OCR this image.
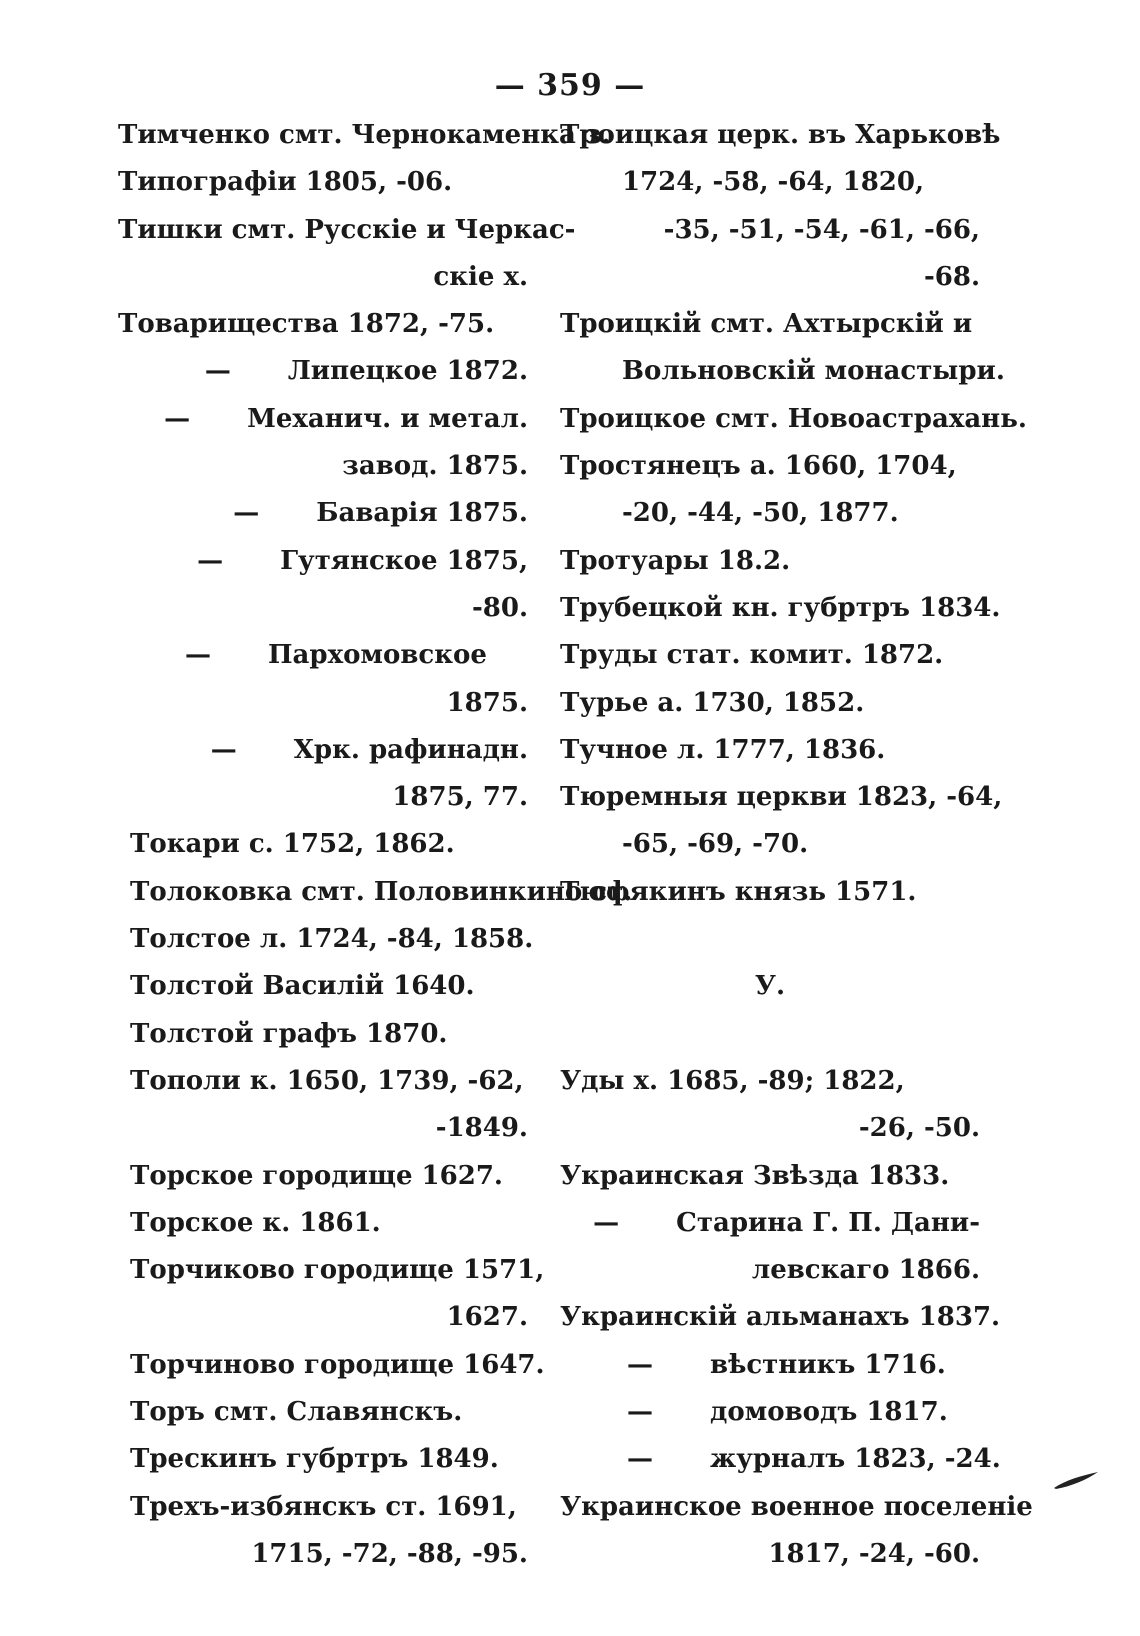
— 359 —
Тимченко смт. Чернокаменка з.
Типографіи 1805, -06.
Тишки смт. Русскіе и Черкас-
скіе х.
Товарищества 1872, -75.
— Липецкое 1872.
— Механич. и метал.
завод. 1875.
— Баварія 1875.
— Гутянское 1875,
-80.
— Пархомовское
1875.
— Хрк. рафинадн.
1875, 77.
Токари с. 1752, 1862.
Толоковка смт. Половинкино ст.
Толстое л. 1724, -84, 1858.
Толстой Василій 1640.
Толстой графъ 1870.
Тополи к. 1650, 1739, -62,
-1849.
Торское городище 1627.
Торское к. 1861.
Торчиково городище 1571,
1627.
Торчиново городище 1647.
Торъ смт. Славянскъ.
Трескинъ губртръ 1849.
Трехъ-избянскъ ст. 1691,
1715, -72, -88, -95.
Троицкая церк. въ Харьковѣ
1724, -58, -64, 1820,
-35, -51, -54, -61, -66,
-68.
Троицкій смт. Ахтырскій и
Вольновскій монастыри.
Троицкое смт. Новоастрахань.
Тростянецъ а. 1660, 1704,
-20, -44, -50, 1877.
Тротуары 18.2.
Трубецкой кн. губртръ 1834.
Труды стат. комит. 1872.
Турье а. 1730, 1852.
Тучное л. 1777, 1836.
Тюремныя церкви 1823, -64,
-65, -69, -70.
Тюфякинъ князь 1571.
У.
Уды х. 1685, -89; 1822,
-26, -50.
Украинская Звѣзда 1833.
— Старина Г. П. Дани-
левскаго 1866.
Украинскій альманахъ 1837.
— вѣстникъ 1716.
— домоводъ 1817.
— журналъ 1823, -24.
Украинское военное поселеніе
1817, -24, -60.
